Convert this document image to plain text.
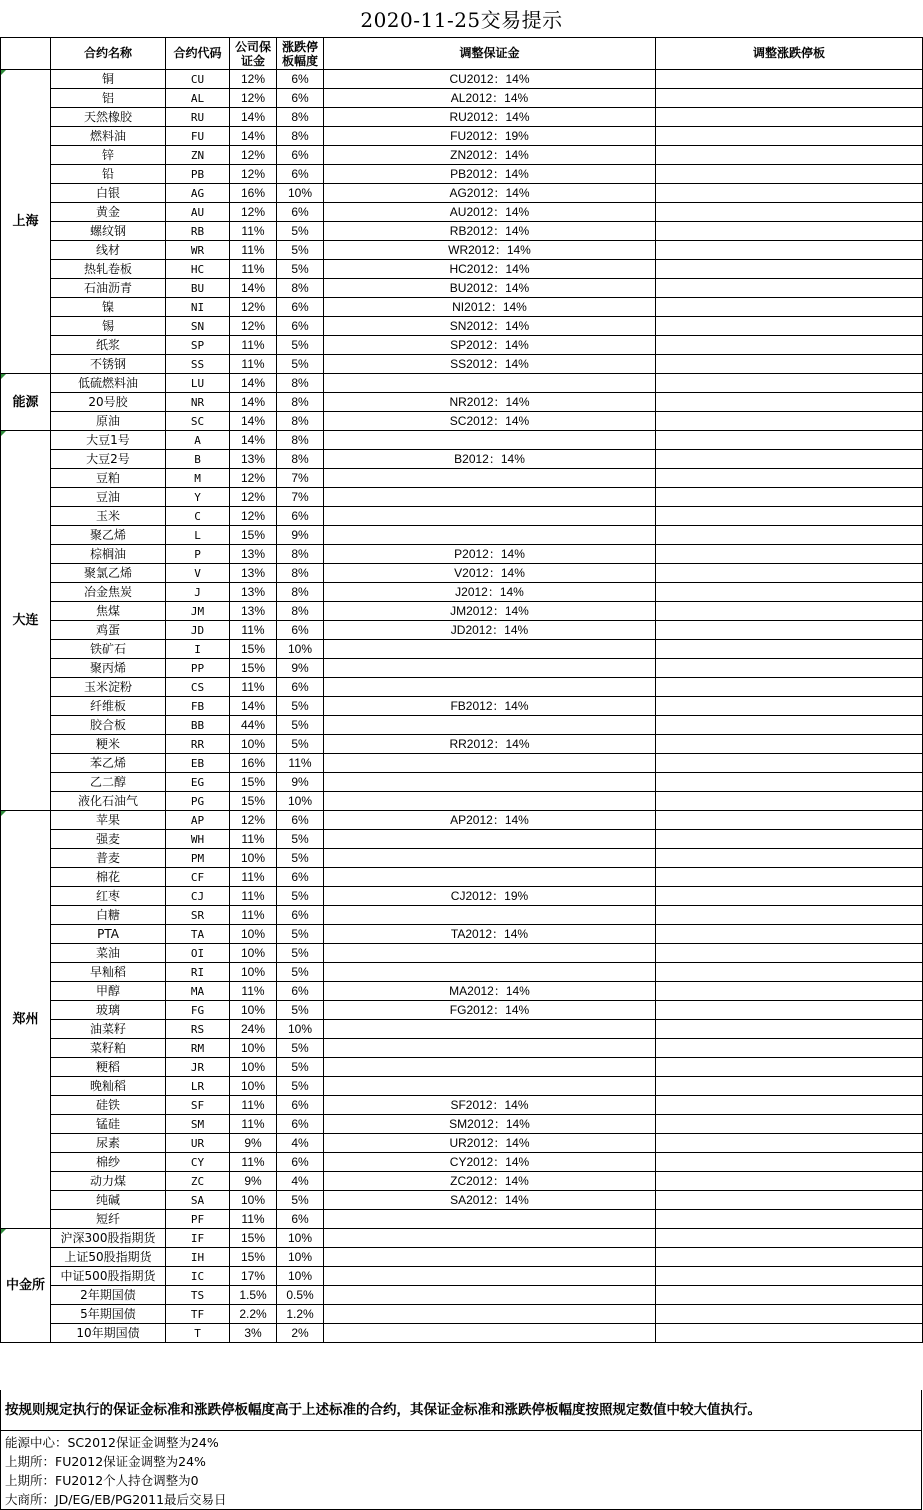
2020-11-25交易提示
	合约名称	合约代码	公司保证金	涨跌停板幅度	调整保证金	调整涨跌停板
上海	铜	CU	12%	6%	CU2012：14%	
	铝	AL	12%	6%	AL2012：14%	
	天然橡胶	RU	14%	8%	RU2012：14%	
	燃料油	FU	14%	8%	FU2012：19%	
	锌	ZN	12%	6%	ZN2012：14%	
	铅	PB	12%	6%	PB2012：14%	
	白银	AG	16%	10%	AG2012：14%	
	黄金	AU	12%	6%	AU2012：14%	
	螺纹钢	RB	11%	5%	RB2012：14%	
	线材	WR	11%	5%	WR2012：14%	
	热轧卷板	HC	11%	5%	HC2012：14%	
	石油沥青	BU	14%	8%	BU2012：14%	
	镍	NI	12%	6%	NI2012：14%	
	锡	SN	12%	6%	SN2012：14%	
	纸浆	SP	11%	5%	SP2012：14%	
	不锈钢	SS	11%	5%	SS2012：14%	
能源	低硫燃料油	LU	14%	8%		
	20号胶	NR	14%	8%	NR2012：14%	
	原油	SC	14%	8%	SC2012：14%	
大连	大豆1号	A	14%	8%		
	大豆2号	B	13%	8%	B2012：14%	
	豆粕	M	12%	7%		
	豆油	Y	12%	7%		
	玉米	C	12%	6%		
	聚乙烯	L	15%	9%		
	棕榈油	P	13%	8%	P2012：14%	
	聚氯乙烯	V	13%	8%	V2012：14%	
	冶金焦炭	J	13%	8%	J2012：14%	
	焦煤	JM	13%	8%	JM2012：14%	
	鸡蛋	JD	11%	6%	JD2012：14%	
	铁矿石	I	15%	10%		
	聚丙烯	PP	15%	9%		
	玉米淀粉	CS	11%	6%		
	纤维板	FB	14%	5%	FB2012：14%	
	胶合板	BB	44%	5%		
	粳米	RR	10%	5%	RR2012：14%	
	苯乙烯	EB	16%	11%		
	乙二醇	EG	15%	9%		
	液化石油气	PG	15%	10%		
郑州	苹果	AP	12%	6%	AP2012：14%	
	强麦	WH	11%	5%		
	普麦	PM	10%	5%		
	棉花	CF	11%	6%		
	红枣	CJ	11%	5%	CJ2012：19%	
	白糖	SR	11%	6%		
	PTA	TA	10%	5%	TA2012：14%	
	菜油	OI	10%	5%		
	早籼稻	RI	10%	5%		
	甲醇	MA	11%	6%	MA2012：14%	
	玻璃	FG	10%	5%	FG2012：14%	
	油菜籽	RS	24%	10%		
	菜籽粕	RM	10%	5%		
	粳稻	JR	10%	5%		
	晚籼稻	LR	10%	5%		
	硅铁	SF	11%	6%	SF2012：14%	
	锰硅	SM	11%	6%	SM2012：14%	
	尿素	UR	9%	4%	UR2012：14%	
	棉纱	CY	11%	6%	CY2012：14%	
	动力煤	ZC	9%	4%	ZC2012：14%	
	纯碱	SA	10%	5%	SA2012：14%	
	短纤	PF	11%	6%		
中金所	沪深300股指期货	IF	15%	10%		
	上证50股指期货	IH	15%	10%		
	中证500股指期货	IC	17%	10%		
	2年期国债	TS	1.5%	0.5%		
	5年期国债	TF	2.2%	1.2%		
	10年期国债	T	3%	2%		
按规则规定执行的保证金标准和涨跌停板幅度高于上述标准的合约，其保证金标准和涨跌停板幅度按照规定数值中较大值执行。
能源中心：SC2012保证金调整为24%
上期所：FU2012保证金调整为24%
上期所：FU2012个人持仓调整为0
大商所：JD/EG/EB/PG2011最后交易日
